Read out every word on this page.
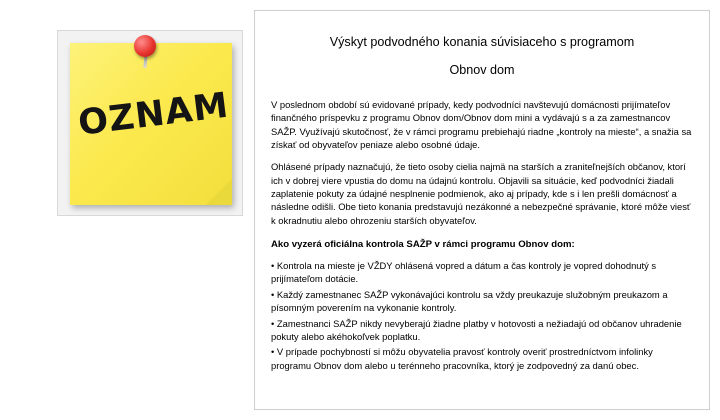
OZNAM
Výskyt podvodného konania súvisiaceho s programom
Obnov dom

V poslednom období sú evidované prípady, kedy podvodníci navštevujú domácnosti prijímateľov finančného príspevku z programu Obnov dom/Obnov dom mini a vydávajú s a za zamestnancov SAŽP. Využívajú skutočnosť, že v rámci programu prebiehajú riadne „kontroly na mieste“, a snažia sa získať od obyvateľov peniaze alebo osobné údaje.

Ohlásené prípady naznačujú, že tieto osoby cielia najmä na starších a zraniteľnejších občanov, ktorí ich v dobrej viere vpustia do domu na údajnú kontrolu. Objavili sa situácie, keď podvodníci žiadali zaplatenie pokuty za údajné nesplnenie podmienok, ako aj prípady, kde s i len prešli domácnosť a následne odišli. Obe tieto konania predstavujú nezákonné a nebezpečné správanie, ktoré môže viesť k okradnutiu alebo ohrozeniu starších obyvateľov.

Ako vyzerá oficiálna kontrola SAŽP v rámci programu Obnov dom:

• Kontrola na mieste je VŽDY ohlásená vopred a dátum a čas kontroly je vopred dohodnutý s prijímateľom dotácie.

• Každý zamestnanec SAŽP vykonávajúci kontrolu sa vždy preukazuje služobným preukazom a písomným poverením na vykonanie kontroly.

• Zamestnanci SAŽP nikdy nevyberajú žiadne platby v hotovosti a nežiadajú od občanov uhradenie pokuty alebo akéhokoľvek poplatku.

• V prípade pochybností si môžu obyvatelia pravosť kontroly overiť prostredníctvom infolinky programu Obnov dom alebo u terénneho pracovníka, ktorý je zodpovedný za danú obec.
